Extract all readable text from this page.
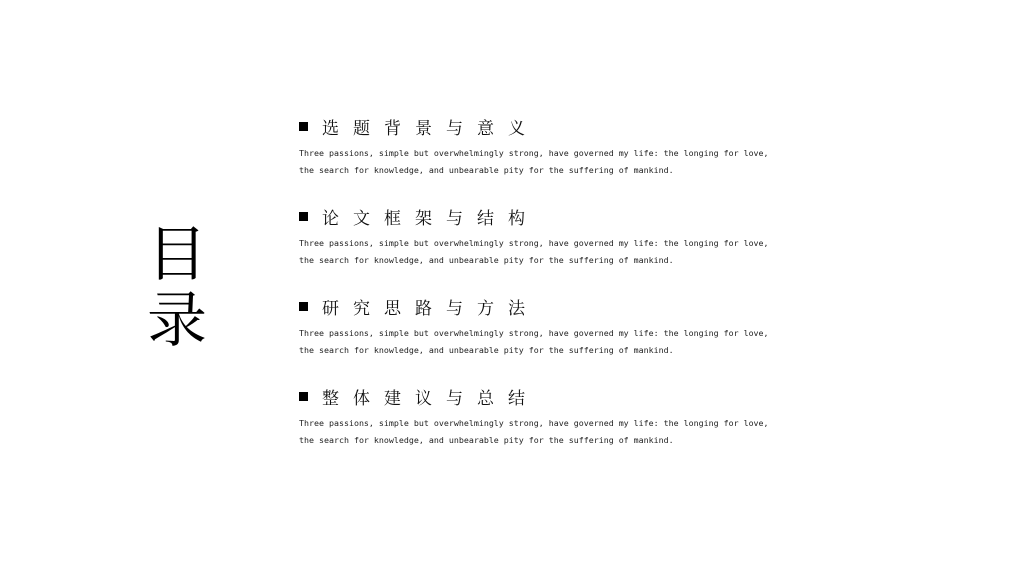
目
录
选题背景与意义
Three passions, simple but overwhelmingly strong, have governed my life: the longing for love, the search for knowledge, and unbearable pity for the suffering of mankind.
论文框架与结构
Three passions, simple but overwhelmingly strong, have governed my life: the longing for love, the search for knowledge, and unbearable pity for the suffering of mankind.
研究思路与方法
Three passions, simple but overwhelmingly strong, have governed my life: the longing for love, the search for knowledge, and unbearable pity for the suffering of mankind.
整体建议与总结
Three passions, simple but overwhelmingly strong, have governed my life: the longing for love, the search for knowledge, and unbearable pity for the suffering of mankind.
